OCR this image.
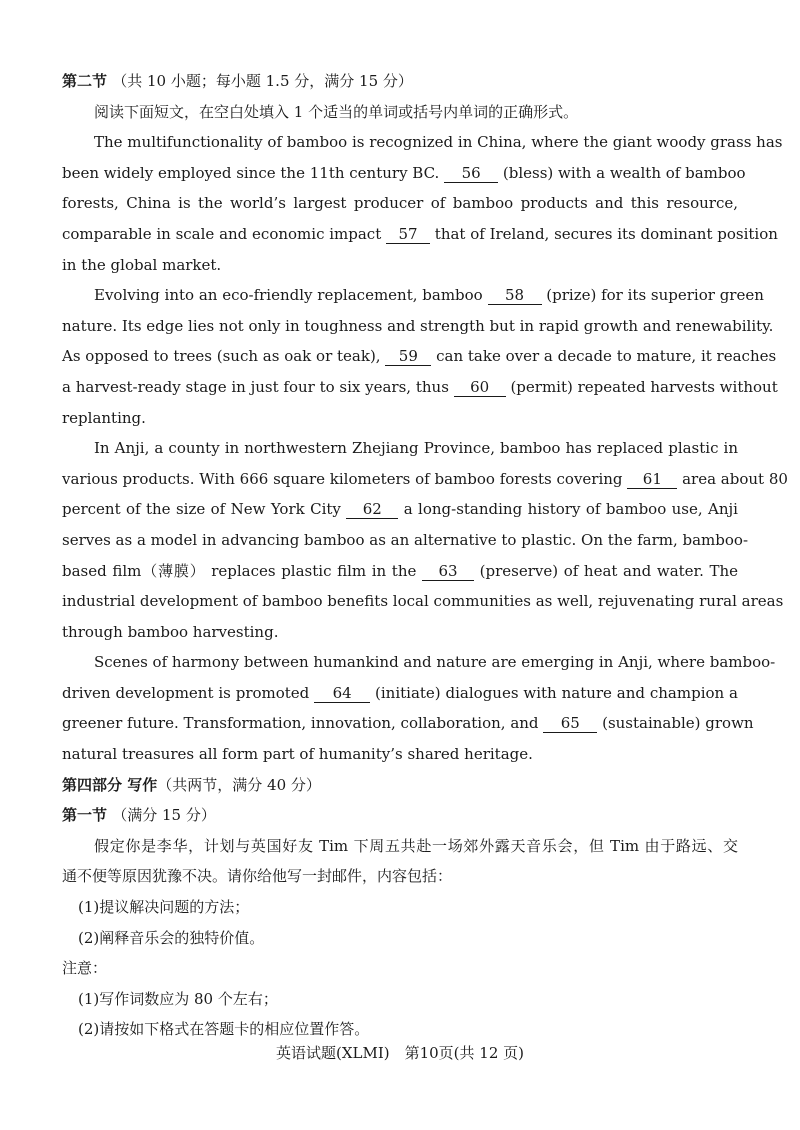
第二节 （共 10 小题；每小题 1.5 分，满分 15 分）
阅读下面短文，在空白处填入 1 个适当的单词或括号内单词的正确形式。
The multifunctionality of bamboo is recognized in China, where the giant woody grass has
been widely employed since the 11th century BC. 56 (bless) with a wealth of bamboo
forests, China is the world’s largest producer of bamboo products and this resource,
comparable in scale and economic impact 57 that of Ireland, secures its dominant position
in the global market.
Evolving into an eco-friendly replacement, bamboo 58 (prize) for its superior green
nature. Its edge lies not only in toughness and strength but in rapid growth and renewability.
As opposed to trees (such as oak or teak), 59 can take over a decade to mature, it reaches
a harvest-ready stage in just four to six years, thus 60 (permit) repeated harvests without
replanting.
In Anji, a county in northwestern Zhejiang Province, bamboo has replaced plastic in
various products. With 666 square kilometers of bamboo forests covering 61 area about 80
percent of the size of New York City 62 a long-standing history of bamboo use, Anji
serves as a model in advancing bamboo as an alternative to plastic. On the farm, bamboo-
based film（薄膜） replaces plastic film in the 63 (preserve) of heat and water. The
industrial development of bamboo benefits local communities as well, rejuvenating rural areas
through bamboo harvesting.
Scenes of harmony between humankind and nature are emerging in Anji, where bamboo-
driven development is promoted 64 (initiate) dialogues with nature and champion a
greener future. Transformation, innovation, collaboration, and 65 (sustainable) grown
natural treasures all form part of humanity’s shared heritage.
第四部分 写作（共两节，满分 40 分）
第一节 （满分 15 分）
假定你是李华，计划与英国好友 Tim 下周五共赴一场郊外露天音乐会，但 Tim 由于路远、交
通不便等原因犹豫不决。请你给他写一封邮件，内容包括：
(1)提议解决问题的方法；
(2)阐释音乐会的独特价值。
注意：
(1)写作词数应为 80 个左右；
(2)请按如下格式在答题卡的相应位置作答。
英语试题(XLMI)　第10页(共 12 页)
